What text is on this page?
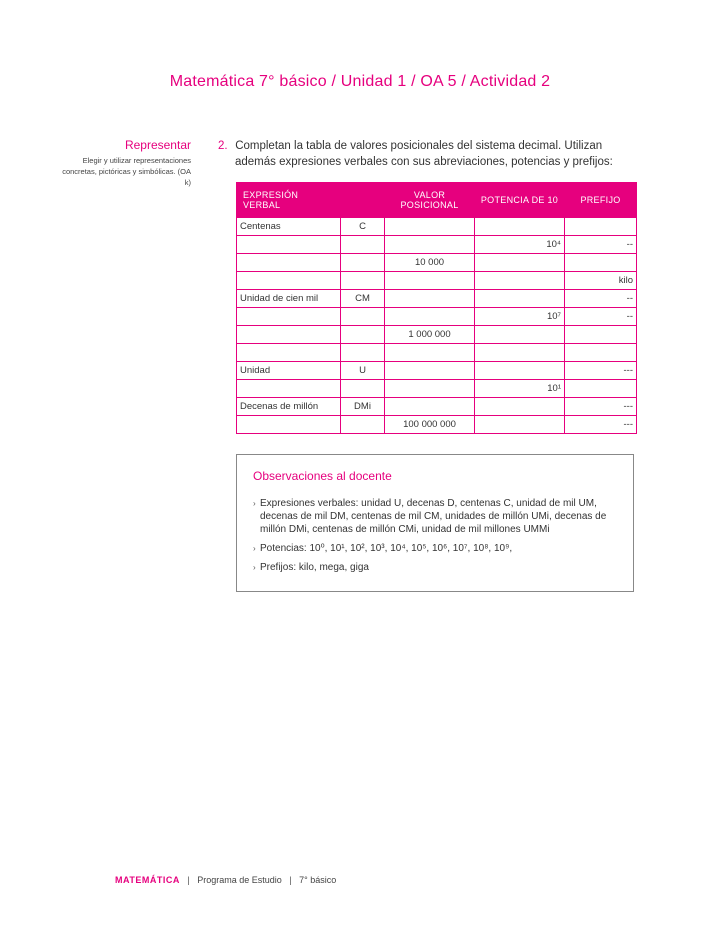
Matemática 7° básico / Unidad 1 / OA 5 / Actividad 2
Representar
Elegir y utilizar representaciones concretas, pictóricas y simbólicas. (OA k)
2. Completan la tabla de valores posicionales del sistema decimal. Utilizan
además expresiones verbales con sus abreviaciones, potencias y prefijos:
EXPRESIÓN VERBAL		VALOR POSICIONAL	POTENCIA DE 10	PREFIJO
Centenas	C			
			10⁴	--
		10 000		
				kilo
Unidad de cien mil	CM			--
			10⁷	--
		1 000 000		

Unidad	U			---
			10¹	
Decenas de millón	DMi			---
		100 000 000		---
Observaciones al docente
› Expresiones verbales: unidad U, decenas D, centenas C, unidad de mil UM, decenas de mil DM, centenas de mil CM, unidades de millón UMi, decenas de millón DMi, centenas de millón CMi, unidad de mil millones UMMi
› Potencias: 10⁰, 10¹, 10², 10³, 10⁴, 10⁵, 10⁶, 10⁷, 10⁸, 10⁹,
› Prefijos: kilo, mega, giga
MATEMÁTICA | Programa de Estudio | 7° básico
